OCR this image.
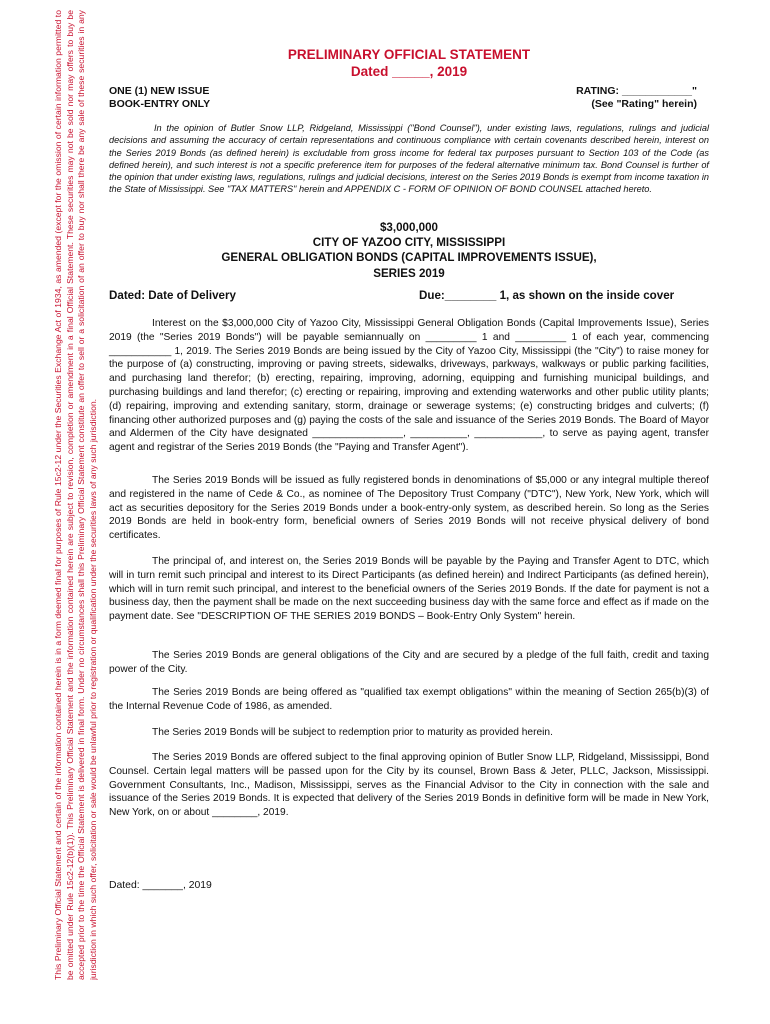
This Preliminary Official Statement and certain of the information contained herein is in a form deemed final for purposes of Rule 15c2-12 under the Securities Exchange Act of 1934, as amended (except for the omission of certain information permitted to be omitted under Rule 15c2-12(b)(1)). This Preliminary Official Statement and the information contained herein are subject to revision, completion or amendment in a final Official Statement. These securities may not be sold nor may offers to buy be accepted prior to the time the Official Statement is delivered in final form. Under no circumstances shall this Preliminary Official Statement constitute an offer to sell or a solicitation of an offer to buy nor shall there be any sale of these securities in any jurisdiction in which such offer, solicitation or sale would be unlawful prior to registration or qualification under the securities laws of any such jurisdiction.
PRELIMINARY OFFICIAL STATEMENT
Dated _____, 2019
ONE (1) NEW ISSUE
BOOK-ENTRY ONLY
RATING: ____________"
(See "Rating" herein)
In the opinion of Butler Snow LLP, Ridgeland, Mississippi ("Bond Counsel"), under existing laws, regulations, rulings and judicial decisions and assuming the accuracy of certain representations and continuous compliance with certain covenants described herein, interest on the Series 2019 Bonds (as defined herein) is excludable from gross income for federal tax purposes pursuant to Section 103 of the Code (as defined herein), and such interest is not a specific preference item for purposes of the federal alternative minimum tax. Bond Counsel is further of the opinion that under existing laws, regulations, rulings and judicial decisions, interest on the Series 2019 Bonds is exempt from income taxation in the State of Mississippi. See "TAX MATTERS" herein and APPENDIX C - FORM OF OPINION OF BOND COUNSEL attached hereto.
$3,000,000
CITY OF YAZOO CITY, MISSISSIPPI
GENERAL OBLIGATION BONDS (CAPITAL IMPROVEMENTS ISSUE),
SERIES 2019
Dated: Date of Delivery	Due:________ 1, as shown on the inside cover
Interest on the $3,000,000 City of Yazoo City, Mississippi General Obligation Bonds (Capital Improvements Issue), Series 2019 (the "Series 2019 Bonds") will be payable semiannually on _________ 1 and _________ 1 of each year, commencing ___________ 1, 2019. The Series 2019 Bonds are being issued by the City of Yazoo City, Mississippi (the "City") to raise money for the purpose of (a) constructing, improving or paving streets, sidewalks, driveways, parkways, walkways or public parking facilities, and purchasing land therefor; (b) erecting, repairing, improving, adorning, equipping and furnishing municipal buildings, and purchasing buildings and land therefor; (c) erecting or repairing, improving and extending waterworks and other public utility plants; (d) repairing, improving and extending sanitary, storm, drainage or sewerage systems; (e) constructing bridges and culverts; (f) financing other authorized purposes and (g) paying the costs of the sale and issuance of the Series 2019 Bonds. The Board of Mayor and Aldermen of the City have designated ________________, __________, ____________, to serve as paying agent, transfer agent and registrar of the Series 2019 Bonds (the "Paying and Transfer Agent").
The Series 2019 Bonds will be issued as fully registered bonds in denominations of $5,000 or any integral multiple thereof and registered in the name of Cede & Co., as nominee of The Depository Trust Company ("DTC"), New York, New York, which will act as securities depository for the Series 2019 Bonds under a book-entry-only system, as described herein. So long as the Series 2019 Bonds are held in book-entry form, beneficial owners of Series 2019 Bonds will not receive physical delivery of bond certificates.
The principal of, and interest on, the Series 2019 Bonds will be payable by the Paying and Transfer Agent to DTC, which will in turn remit such principal and interest to its Direct Participants (as defined herein) and Indirect Participants (as defined herein), which will in turn remit such principal, and interest to the beneficial owners of the Series 2019 Bonds. If the date for payment is not a business day, then the payment shall be made on the next succeeding business day with the same force and effect as if made on the payment date. See "DESCRIPTION OF THE SERIES 2019 BONDS – Book-Entry Only System" herein.
The Series 2019 Bonds are general obligations of the City and are secured by a pledge of the full faith, credit and taxing power of the City.
The Series 2019 Bonds are being offered as "qualified tax exempt obligations" within the meaning of Section 265(b)(3) of the Internal Revenue Code of 1986, as amended.
The Series 2019 Bonds will be subject to redemption prior to maturity as provided herein.
The Series 2019 Bonds are offered subject to the final approving opinion of Butler Snow LLP, Ridgeland, Mississippi, Bond Counsel. Certain legal matters will be passed upon for the City by its counsel, Brown Bass & Jeter, PLLC, Jackson, Mississippi. Government Consultants, Inc., Madison, Mississippi, serves as the Financial Advisor to the City in connection with the sale and issuance of the Series 2019 Bonds. It is expected that delivery of the Series 2019 Bonds in definitive form will be made in New York, New York, on or about ________, 2019.
Dated: _______, 2019
